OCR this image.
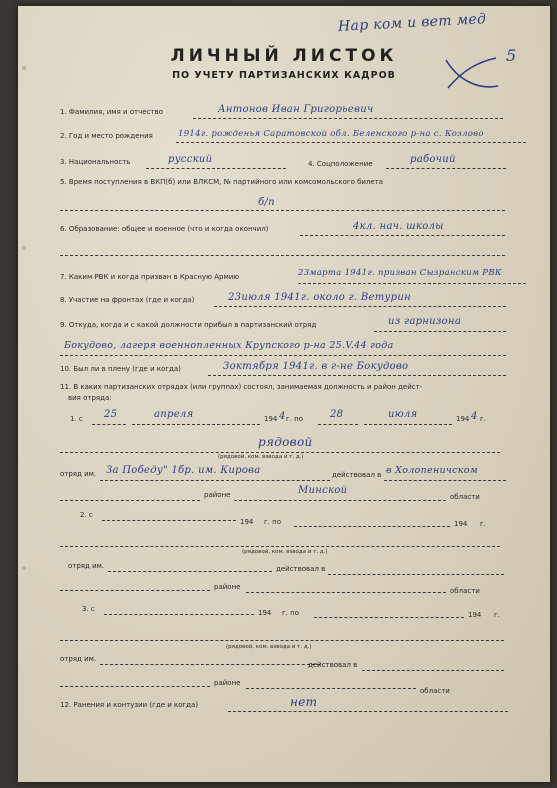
Нар ком и вет мед
5
ЛИЧНЫЙ ЛИСТОК
ПО УЧЕТУ ПАРТИЗАНСКИХ КАДРОВ
1. Фамилия, имя и отчество	Антонов Иван Григорьевич
2. Год и место рождения	1914г. рожденья Саратовской обл. Беленского р-на с. Козлово
3. Национальность	русский	4. Соцположение	рабочий
5. Время поступления в ВКП(б) или ВЛКСМ, № партийного или комсомольского билета
б/п
6. Образование: общее и военное (что и когда окончил)	4кл. нач. школы
7. Каким РВК и когда призван в Красную Армию	23марта 1941г. призван Сызранским РВК
8. Участие на фронтах (где и когда)	23июля 1941г. около г. Ветурин
9. Откуда, когда и с какой должности прибыл в партизанский отряд	из гарнизона
Бокудово, лагеря военнопленных Крупского р-на 25.V.44 года
10. Был ли в плену (где и когда)	3октября 1941г. в г-не Бокудово
11. В каких партизанских отрядах (или группах) состоял, занимаемая должность и район дейст-
вия отряда:
1. с 25	апреля	194 4 г. по	28	июля	194 4 г.
рядовой
(рядовой, ком. взвода и т. д.)
отряд им. За Победу" 1бр. им. Кирова	действовал в в Холопеничском
районе	Минской
области
2. с
194 г. по	194 г.
(рядовой, ком. взвода и т. д.)
отряд им.	действовал в
районе	области
3. с	194 г. по	194 г.
(рядовой, ком. взвода и т. д.)
отряд им.
действовал в
районе
области
12. Ранения и контузии (где и когда)	нет
